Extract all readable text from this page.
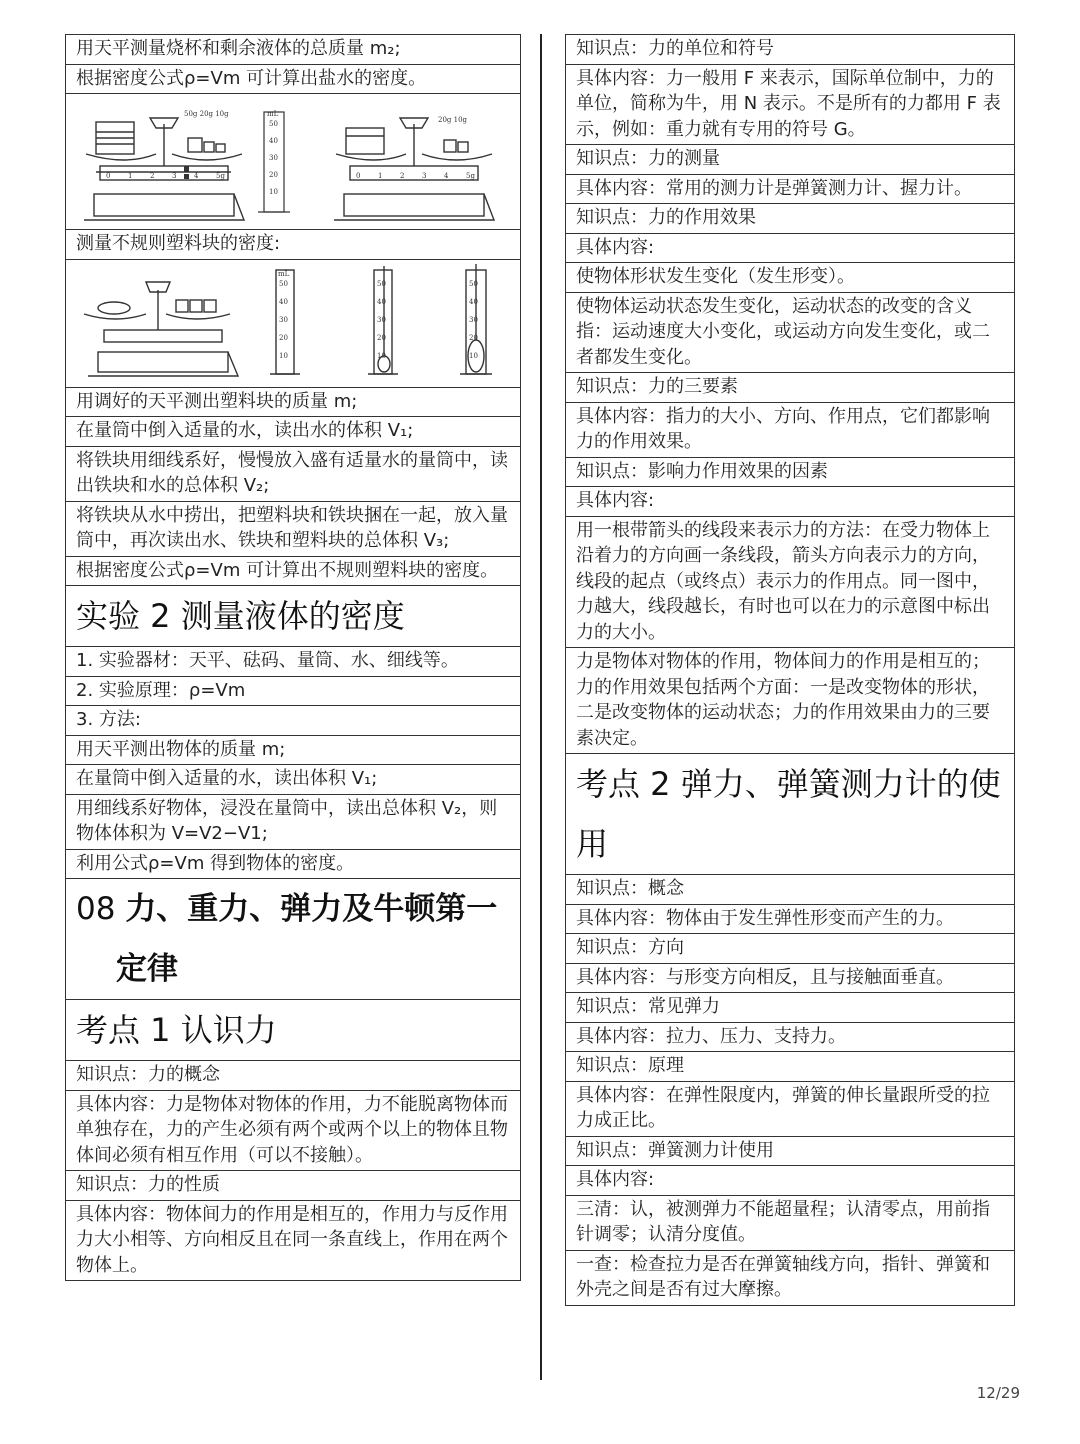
用天平测量烧杯和剩余液体的总质量 m₂;
根据密度公式ρ=Vm 可计算出盐水的密度。
50g 20g 10g	mL
20g 10g
50
40
30
20
10
0	0
1	1
2	2
3	3
4	4
5g	5g
测量不规则塑料块的密度:
mL
50
40
30
20
10
50
40
30
20
10
50
40
30
20
10
用调好的天平测出塑料块的质量 m;
在量筒中倒入适量的水，读出水的体积 V₁;
将铁块用细线系好，慢慢放入盛有适量水的量筒中，读出铁块和水的总体积 V₂;
将铁块从水中捞出，把塑料块和铁块捆在一起，放入量筒中，再次读出水、铁块和塑料块的总体积 V₃;
根据密度公式ρ=Vm 可计算出不规则塑料块的密度。
实验 2 测量液体的密度
1. 实验器材：天平、砝码、量筒、水、细线等。
2. 实验原理：ρ=Vm
3. 方法:
用天平测出物体的质量 m;
在量筒中倒入适量的水，读出体积 V₁;
用细线系好物体，浸没在量筒中，读出总体积 V₂，则物体体积为 V=V2−V1;
利用公式ρ=Vm 得到物体的密度。
08 力、重力、弹力及牛顿第一
定律
考点 1 认识力
知识点：力的概念
具体内容：力是物体对物体的作用，力不能脱离物体而单独存在，力的产生必须有两个或两个以上的物体且物体间必须有相互作用（可以不接触）。
知识点：力的性质
具体内容：物体间力的作用是相互的，作用力与反作用力大小相等、方向相反且在同一条直线上，作用在两个物体上。
知识点：力的单位和符号
具体内容：力一般用 F 来表示，国际单位制中，力的单位，简称为牛，用 N 表示。不是所有的力都用 F 表示，例如：重力就有专用的符号 G。
知识点：力的测量
具体内容：常用的测力计是弹簧测力计、握力计。
知识点：力的作用效果
具体内容:
使物体形状发生变化（发生形变）。
使物体运动状态发生变化，运动状态的改变的含义指：运动速度大小变化，或运动方向发生变化，或二者都发生变化。
知识点：力的三要素
具体内容：指力的大小、方向、作用点，它们都影响力的作用效果。
知识点：影响力作用效果的因素
具体内容:
用一根带箭头的线段来表示力的方法：在受力物体上沿着力的方向画一条线段，箭头方向表示力的方向，线段的起点（或终点）表示力的作用点。同一图中，力越大，线段越长，有时也可以在力的示意图中标出力的大小。
力是物体对物体的作用，物体间力的作用是相互的；力的作用效果包括两个方面：一是改变物体的形状，二是改变物体的运动状态；力的作用效果由力的三要素决定。
考点 2 弹力、弹簧测力计的使用
知识点：概念
具体内容：物体由于发生弹性形变而产生的力。
知识点：方向
具体内容：与形变方向相反，且与接触面垂直。
知识点：常见弹力
具体内容：拉力、压力、支持力。
知识点：原理
具体内容：在弹性限度内，弹簧的伸长量跟所受的拉力成正比。
知识点：弹簧测力计使用
具体内容:
三清：认，被测弹力不能超量程；认清零点，用前指针调零；认清分度值。
一查：检查拉力是否在弹簧轴线方向，指针、弹簧和外壳之间是否有过大摩擦。
12/29
